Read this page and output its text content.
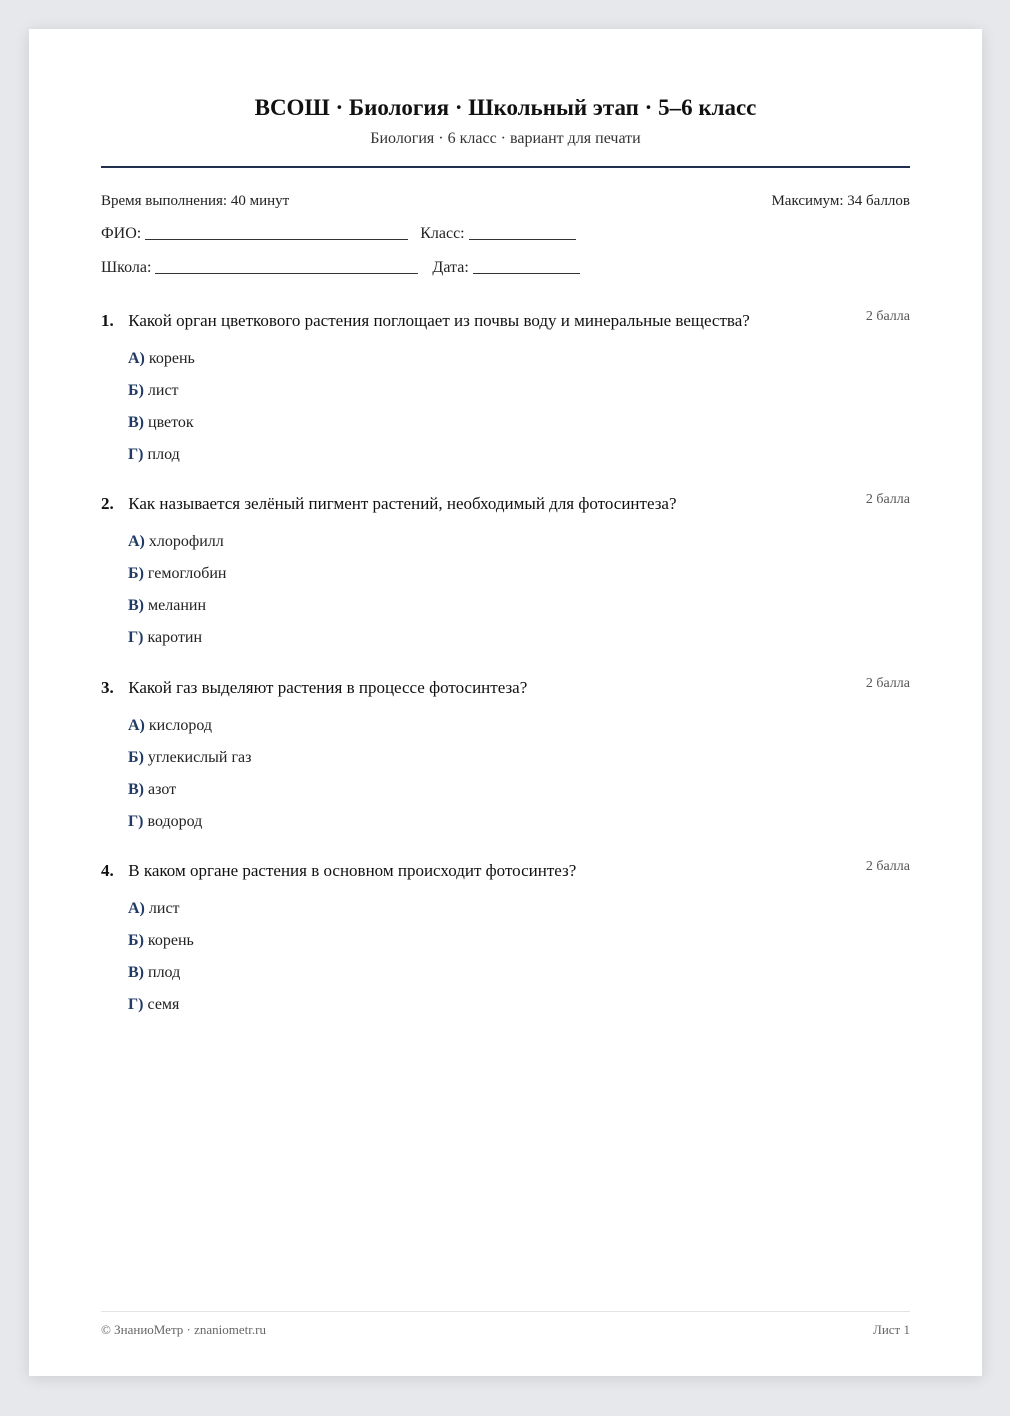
ВСОШ · Биология · Школьный этап · 5–6 класс
Биология · 6 класс · вариант для печати
Время выполнения: 40 минут	Максимум: 34 баллов
ФИО:	Класс:
Школа:	Дата:
1. Какой орган цветкового растения поглощает из почвы воду и минеральные вещества?	2 балла
А) корень
Б) лист
В) цветок
Г) плод
2. Как называется зелёный пигмент растений, необходимый для фотосинтеза?	2 балла
А) хлорофилл
Б) гемоглобин
В) меланин
Г) каротин
3. Какой газ выделяют растения в процессе фотосинтеза?	2 балла
А) кислород
Б) углекислый газ
В) азот
Г) водород
4. В каком органе растения в основном происходит фотосинтез?	2 балла
А) лист
Б) корень
В) плод
Г) семя
© ЗнаниоМетр · znaniometr.ru	Лист 1
